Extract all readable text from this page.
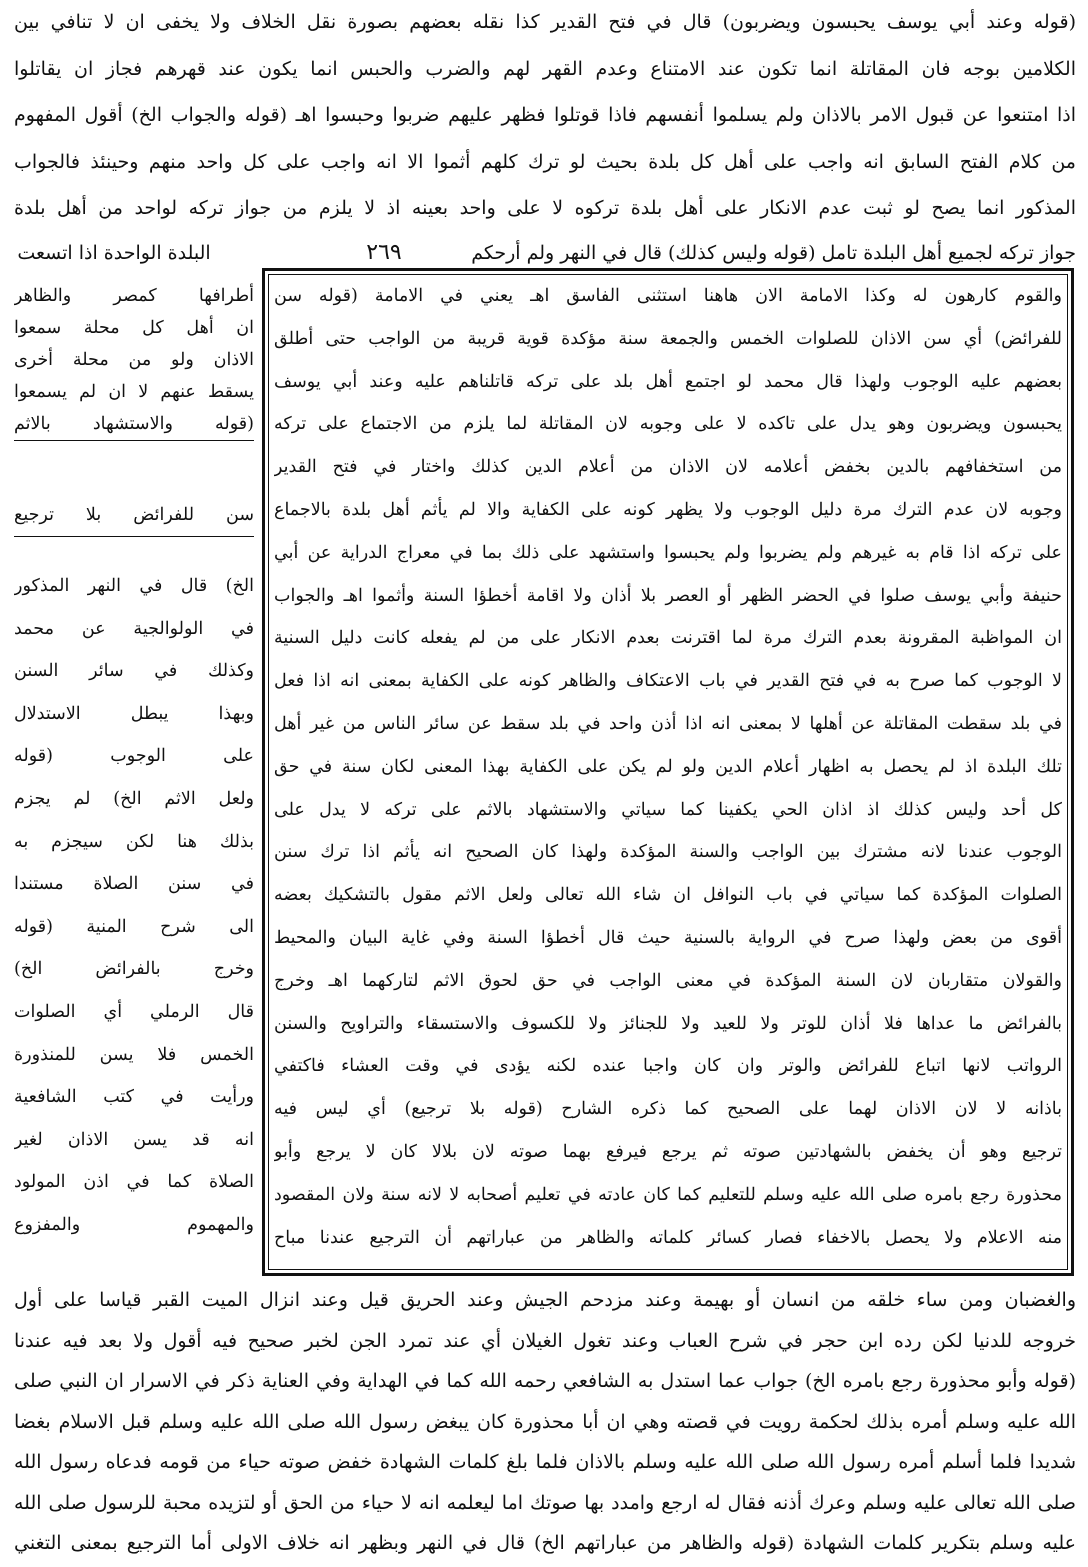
(قوله وعند أبي يوسف يحبسون ويضربون) قال في فتح القدير كذا نقله بعضهم بصورة نقل الخلاف ولا يخفى ان لا تنافي بين
الكلامين بوجه فان المقاتلة انما تكون عند الامتناع وعدم القهر لهم والضرب والحبس انما يكون عند قهرهم فجاز ان يقاتلوا
اذا امتنعوا عن قبول الامر بالاذان ولم يسلموا أنفسهم فاذا قوتلوا فظهر عليهم ضربوا وحبسوا اهـ (قوله والجواب الخ) أقول المفهوم
من كلام الفتح السابق انه واجب على أهل كل بلدة بحيث لو ترك كلهم أثموا الا انه واجب على كل واحد منهم وحينئذ فالجواب
المذكور انما يصح لو ثبت عدم الانكار على أهل بلدة تركوه لا على واحد بعينه اذ لا يلزم من جواز تركه لواحد من أهل بلدة
جواز تركه لجميع أهل البلدة تامل (قوله وليس كذلك) قال في النهر ولم أرحكم
٢٦٩
البلدة الواحدة اذا اتسعت
والقوم كارهون له وكذا الامامة الان هاهنا استثنى الفاسق اهـ يعني في الامامة (قوله سن
للفرائض) أي سن الاذان للصلوات الخمس والجمعة سنة مؤكدة قوية قريبة من الواجب حتى أطلق
بعضهم عليه الوجوب ولهذا قال محمد لو اجتمع أهل بلد على تركه قاتلناهم عليه وعند أبي يوسف
يحبسون ويضربون وهو يدل على تاكده لا على وجوبه لان المقاتلة لما يلزم من الاجتماع على تركه
من استخفافهم بالدين بخفض أعلامه لان الاذان من أعلام الدين كذلك واختار في فتح القدير
وجوبه لان عدم الترك مرة دليل الوجوب ولا يظهر كونه على الكفاية والا لم يأثم أهل بلدة بالاجماع
على تركه اذا قام به غيرهم ولم يضربوا ولم يحبسوا واستشهد على ذلك بما في معراج الدراية عن أبي
حنيفة وأبي يوسف صلوا في الحضر الظهر أو العصر بلا أذان ولا اقامة أخطؤا السنة وأثموا اهـ والجواب
ان المواظبة المقرونة بعدم الترك مرة لما اقترنت بعدم الانكار على من لم يفعله كانت دليل السنية
لا الوجوب كما صرح به في فتح القدير في باب الاعتكاف والظاهر كونه على الكفاية بمعنى انه اذا فعل
في بلد سقطت المقاتلة عن أهلها لا بمعنى انه اذا أذن واحد في بلد سقط عن سائر الناس من غير أهل
تلك البلدة اذ لم يحصل به اظهار أعلام الدين ولو لم يكن على الكفاية بهذا المعنى لكان سنة في حق
كل أحد وليس كذلك اذ اذان الحي يكفينا كما سياتي والاستشهاد بالاثم على تركه لا يدل على
الوجوب عندنا لانه مشترك بين الواجب والسنة المؤكدة ولهذا كان الصحيح انه يأثم اذا ترك سنن
الصلوات المؤكدة كما سياتي في باب النوافل ان شاء الله تعالى ولعل الاثم مقول بالتشكيك بعضه
أقوى من بعض ولهذا صرح في الرواية بالسنية حيث قال أخطؤا السنة وفي غاية البيان والمحيط
والقولان متقاربان لان السنة المؤكدة في معنى الواجب في حق لحوق الاثم لتاركهما اهـ وخرج
بالفرائض ما عداها فلا أذان للوتر ولا للعيد ولا للجنائز ولا للكسوف والاستسقاء والتراويح والسنن
الرواتب لانها اتباع للفرائض والوتر وان كان واجبا عنده لكنه يؤدى في وقت العشاء فاكتفي
باذانه لا لان الاذان لهما على الصحيح كما ذكره الشارح (قوله بلا ترجيع) أي ليس فيه
ترجيع وهو أن يخفض بالشهادتين صوته ثم يرجع فيرفع بهما صوته لان بلالا كان لا يرجع وأبو
محذورة رجع بامره صلى الله عليه وسلم للتعليم كما كان عادته في تعليم أصحابه لا لانه سنة ولان المقصود
منه الاعلام ولا يحصل بالاخفاء فصار كسائر كلماته والظاهر من عباراتهم أن الترجيع عندنا مباح
أطرافها كمصر والظاهر
ان أهل كل محلة سمعوا
الاذان ولو من محلة أخرى
يسقط عنهم لا ان لم يسمعوا
(قوله والاستشهاد بالاثم
سن للفرائض بلا ترجيع
الخ) قال في النهر المذكور
في الولوالجية عن محمد
وكذلك في سائر السنن
وبهذا يبطل الاستدلال
على الوجوب (قوله
ولعل الاثم الخ) لم يجزم
بذلك هنا لكن سيجزم به
في سنن الصلاة مستندا
الى شرح المنية (قوله
وخرج بالفرائض الخ)
قال الرملي أي الصلوات
الخمس فلا يسن للمنذورة
ورأيت في كتب الشافعية
انه قد يسن الاذان لغير
الصلاة كما في اذن المولود
والمهموم والمفزوع
والغضبان ومن ساء خلقه من انسان أو بهيمة وعند مزدحم الجيش وعند الحريق قيل وعند انزال الميت القبر قياسا على أول
خروجه للدنيا لكن رده ابن حجر في شرح العباب وعند تغول الغيلان أي عند تمرد الجن لخبر صحيح فيه أقول ولا بعد فيه عندنا
(قوله وأبو محذورة رجع بامره الخ) جواب عما استدل به الشافعي رحمه الله كما في الهداية وفي العناية ذكر في الاسرار ان النبي صلى
الله عليه وسلم أمره بذلك لحكمة رويت في قصته وهي ان أبا محذورة كان يبغض رسول الله صلى الله عليه وسلم قبل الاسلام بغضا
شديدا فلما أسلم أمره رسول الله صلى الله عليه وسلم بالاذان فلما بلغ كلمات الشهادة خفض صوته حياء من قومه فدعاه رسول الله
صلى الله تعالى عليه وسلم وعرك أذنه فقال له ارجع وامدد بها صوتك اما ليعلمه انه لا حياء من الحق أو لتزيده محبة للرسول صلى الله
عليه وسلم بتكرير كلمات الشهادة (قوله والظاهر من عباراتهم الخ) قال في النهر وبظهر انه خلاف الاولى أما الترجيع بمعنى التغني
